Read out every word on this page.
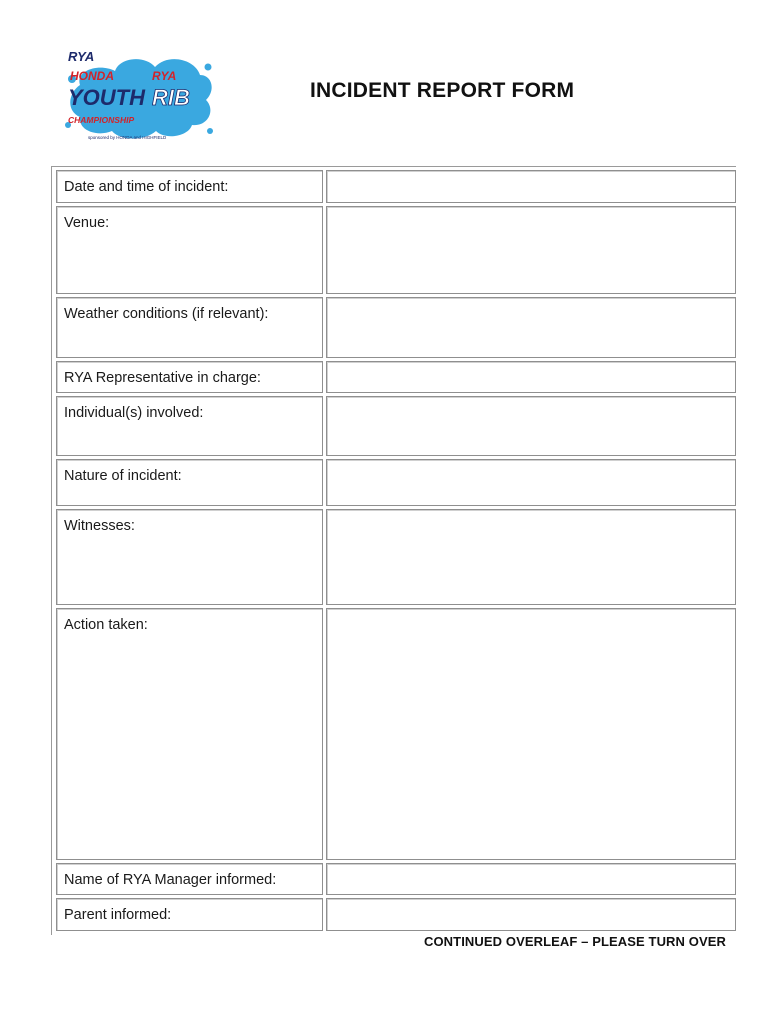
RYA
HONDA	RYA
YOUTH RIB
CHAMPIONSHIP
sponsored by HONDA and HIGHFIELD
INCIDENT REPORT FORM
Date and time of incident:
Venue:
Weather conditions (if relevant):
RYA Representative in charge:
Individual(s) involved:
Nature of incident:
Witnesses:
Action taken:
Name of RYA Manager informed:
Parent informed:
CONTINUED OVERLEAF – PLEASE TURN OVER
